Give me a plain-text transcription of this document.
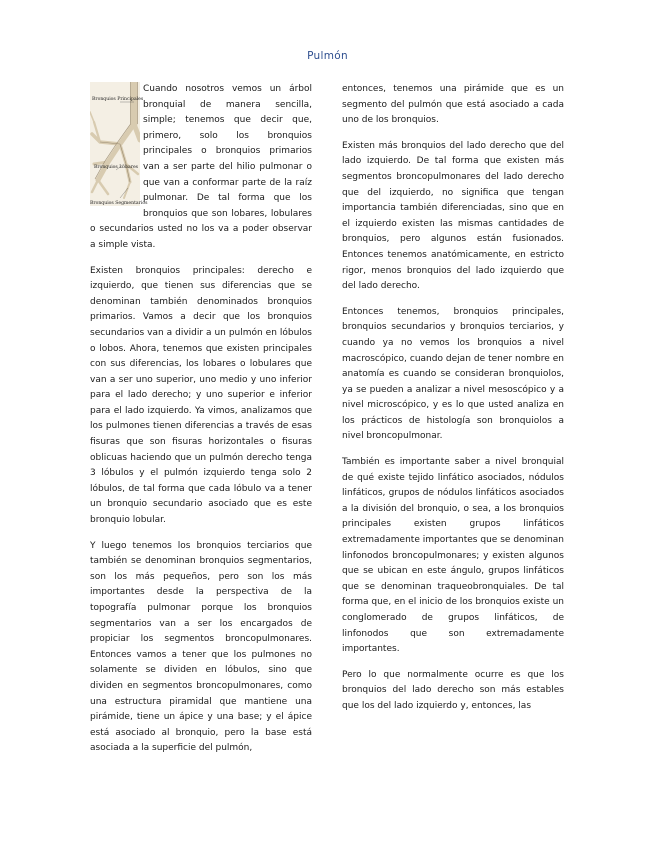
Pulmón
Bronquios Principales
Bronquios Lobares
Bronquios Segmentarios

Cuando nosotros vemos un árbol bronquial de manera sencilla, simple; tenemos que decir que, primero, solo los bronquios principales o bronquios primarios van a ser parte del hilio pulmonar o que van a conformar parte de la raíz pulmonar. De tal forma que los bronquios que son lobares, lobulares o secundarios usted no los va a poder observar a simple vista.

Existen bronquios principales: derecho e izquierdo, que tienen sus diferencias que se denominan también denominados bronquios primarios. Vamos a decir que los bronquios secundarios van a dividir a un pulmón en lóbulos o lobos. Ahora, tenemos que existen principales con sus diferencias, los lobares o lobulares que van a ser uno superior, uno medio y uno inferior para el lado derecho; y uno superior e inferior para el lado izquierdo. Ya vimos, analizamos que los pulmones tienen diferencias a través de esas fisuras que son fisuras horizontales o fisuras oblicuas haciendo que un pulmón derecho tenga 3 lóbulos y el pulmón izquierdo tenga solo 2 lóbulos, de tal forma que cada lóbulo va a tener un bronquio secundario asociado que es este bronquio lobular.

Y luego tenemos los bronquios terciarios que también se denominan bronquios segmentarios, son los más pequeños, pero son los más importantes desde la perspectiva de la topografía pulmonar porque los bronquios segmentarios van a ser los encargados de propiciar los segmentos broncopulmonares. Entonces vamos a tener que los pulmones no solamente se dividen en lóbulos, sino que dividen en segmentos broncopulmonares, como una estructura piramidal que mantiene una pirámide, tiene un ápice y una base; y el ápice está asociado al bronquio, pero la base está asociada a la superficie del pulmón,

entonces, tenemos una pirámide que es un segmento del pulmón que está asociado a cada uno de los bronquios.

Existen más bronquios del lado derecho que del lado izquierdo. De tal forma que existen más segmentos broncopulmonares del lado derecho que del izquierdo, no significa que tengan importancia también diferenciadas, sino que en el izquierdo existen las mismas cantidades de bronquios, pero algunos están fusionados. Entonces tenemos anatómicamente, en estricto rigor, menos bronquios del lado izquierdo que del lado derecho.

Entonces tenemos, bronquios principales, bronquios secundarios y bronquios terciarios, y cuando ya no vemos los bronquios a nivel macroscópico, cuando dejan de tener nombre en anatomía es cuando se consideran bronquiolos, ya se pueden a analizar a nivel mesoscópico y a nivel microscópico, y es lo que usted analiza en los prácticos de histología son bronquiolos a nivel broncopulmonar.

También es importante saber a nivel bronquial de qué existe tejido linfático asociados, nódulos linfáticos, grupos de nódulos linfáticos asociados a la división del bronquio, o sea, a los bronquios principales existen grupos linfáticos extremadamente importantes que se denominan linfonodos broncopulmonares; y existen algunos que se ubican en este ángulo, grupos linfáticos que se denominan traqueobronquiales. De tal forma que, en el inicio de los bronquios existe un conglomerado de grupos linfáticos, de linfonodos que son extremadamente importantes.

Pero lo que normalmente ocurre es que los bronquios del lado derecho son más estables que los del lado izquierdo y, entonces, las
